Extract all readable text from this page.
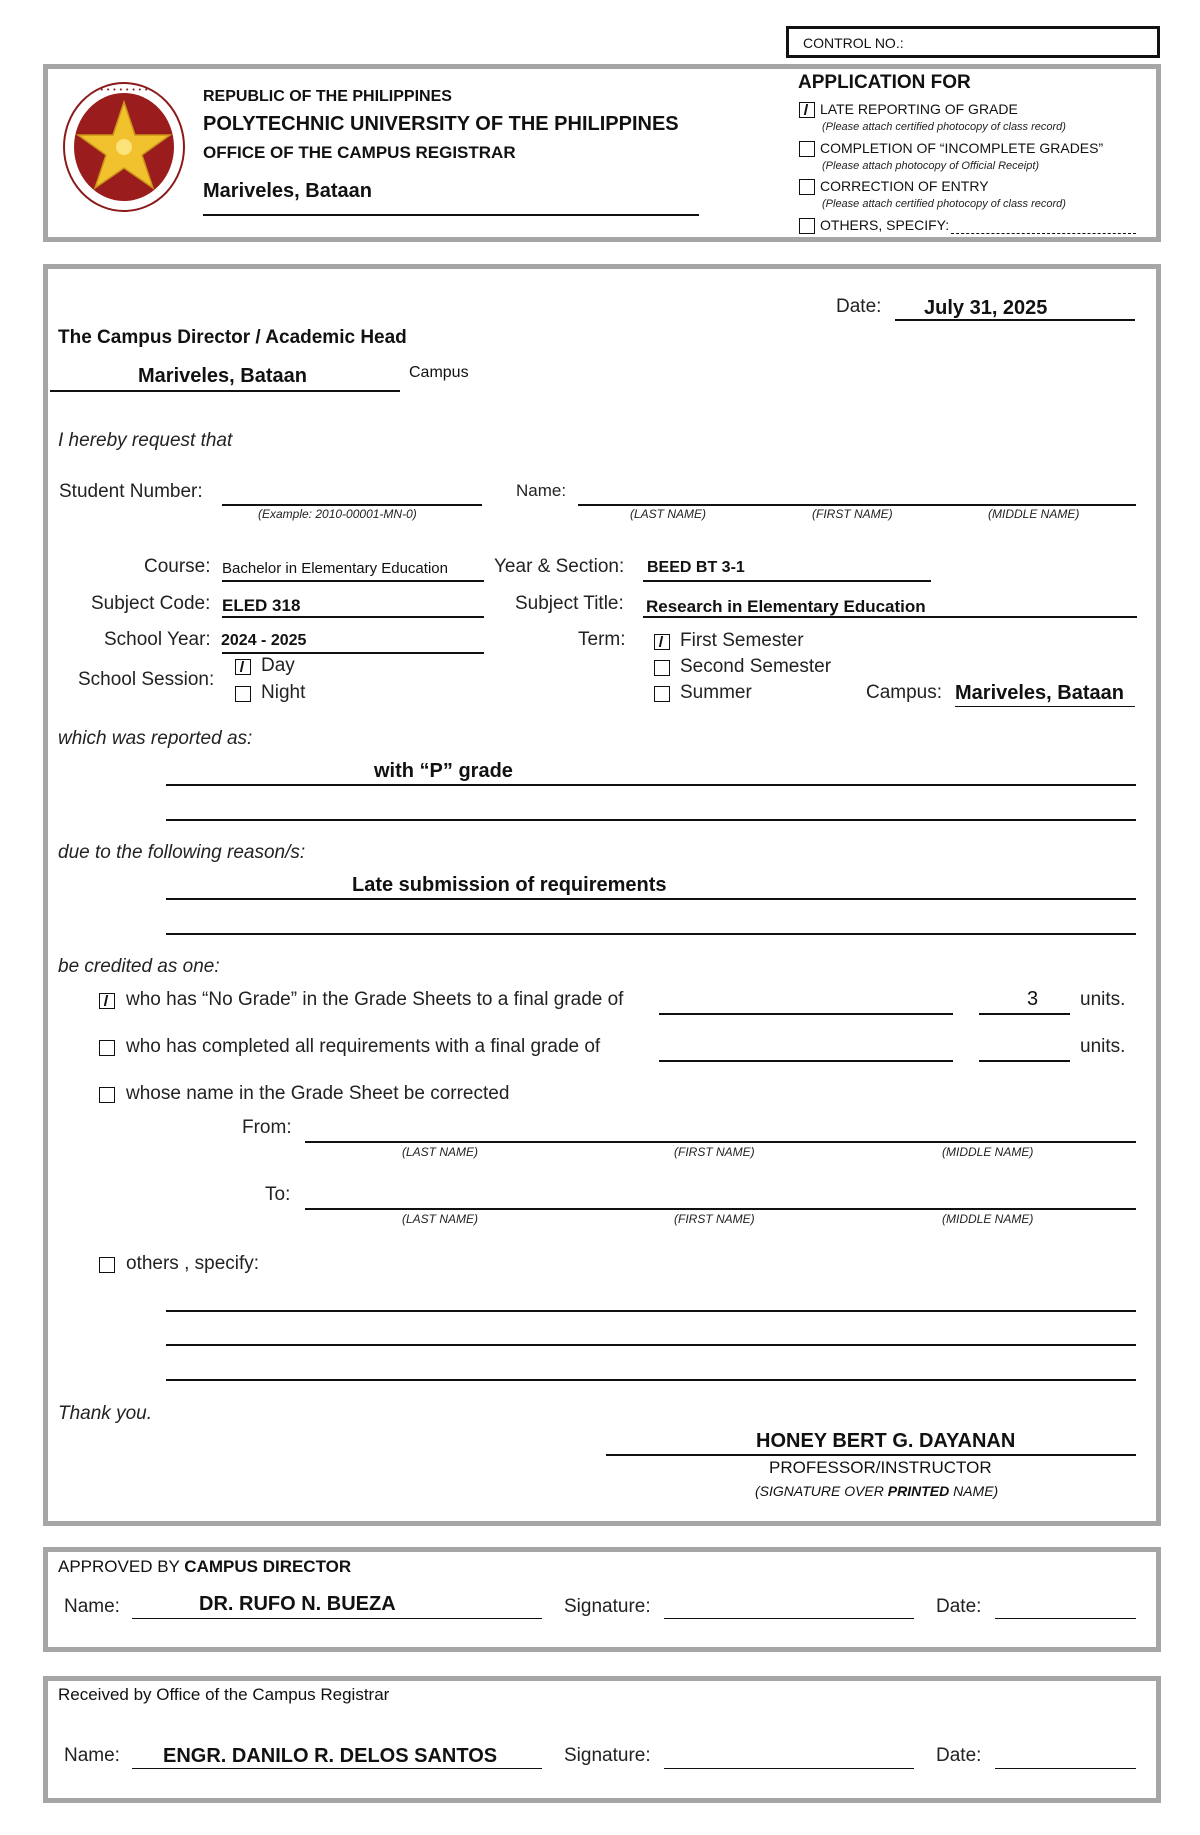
CONTROL NO.:
• • • • • • • •	REPUBLIC OF THE PHILIPPINES
POLYTECHNIC UNIVERSITY OF THE PHILIPPINES
OFFICE OF THE CAMPUS REGISTRAR
Mariveles, Bataan
APPLICATION FOR
LATE REPORTING OF GRADE
(Please attach certified photocopy of class record)
COMPLETION OF “INCOMPLETE GRADES”
(Please attach photocopy of Official Receipt)
CORRECTION OF ENTRY
(Please attach certified photocopy of class record)
OTHERS, SPECIFY:
Date: July 31, 2025
The Campus Director / Academic Head
Mariveles, Bataan	Campus
I hereby request that
Student Number:
(Example: 2010-00001-MN-0)
Name:
(LAST NAME)	(FIRST NAME)	(MIDDLE NAME)
Course: Bachelor in Elementary Education Year & Section: BEED BT 3-1
Subject Code: ELED 318	Subject Title: Research in Elementary Education
School Year: 2024 - 2025	Term:	First Semester
Second Semester
Summer
School Session:
Day
Night	Campus: Mariveles, Bataan
which was reported as:
with “P” grade
due to the following reason/s:
Late submission of requirements
be credited as one:
who has “No Grade” in the Grade Sheets to a final grade of	3 units.
who has completed all requirements with a final grade of	units.
whose name in the Grade Sheet be corrected
From:
(LAST NAME)	(FIRST NAME)	(MIDDLE NAME)
To:
(LAST NAME)	(FIRST NAME)	(MIDDLE NAME)
others , specify:
Thank you.
HONEY BERT G. DAYANAN
PROFESSOR/INSTRUCTOR
(SIGNATURE OVER PRINTED NAME)
APPROVED BY CAMPUS DIRECTOR
Name:	DR. RUFO N. BUEZA	Signature:	Date:
Received by Office of the Campus Registrar
Name: ENGR. DANILO R. DELOS SANTOS	Signature:	Date:
